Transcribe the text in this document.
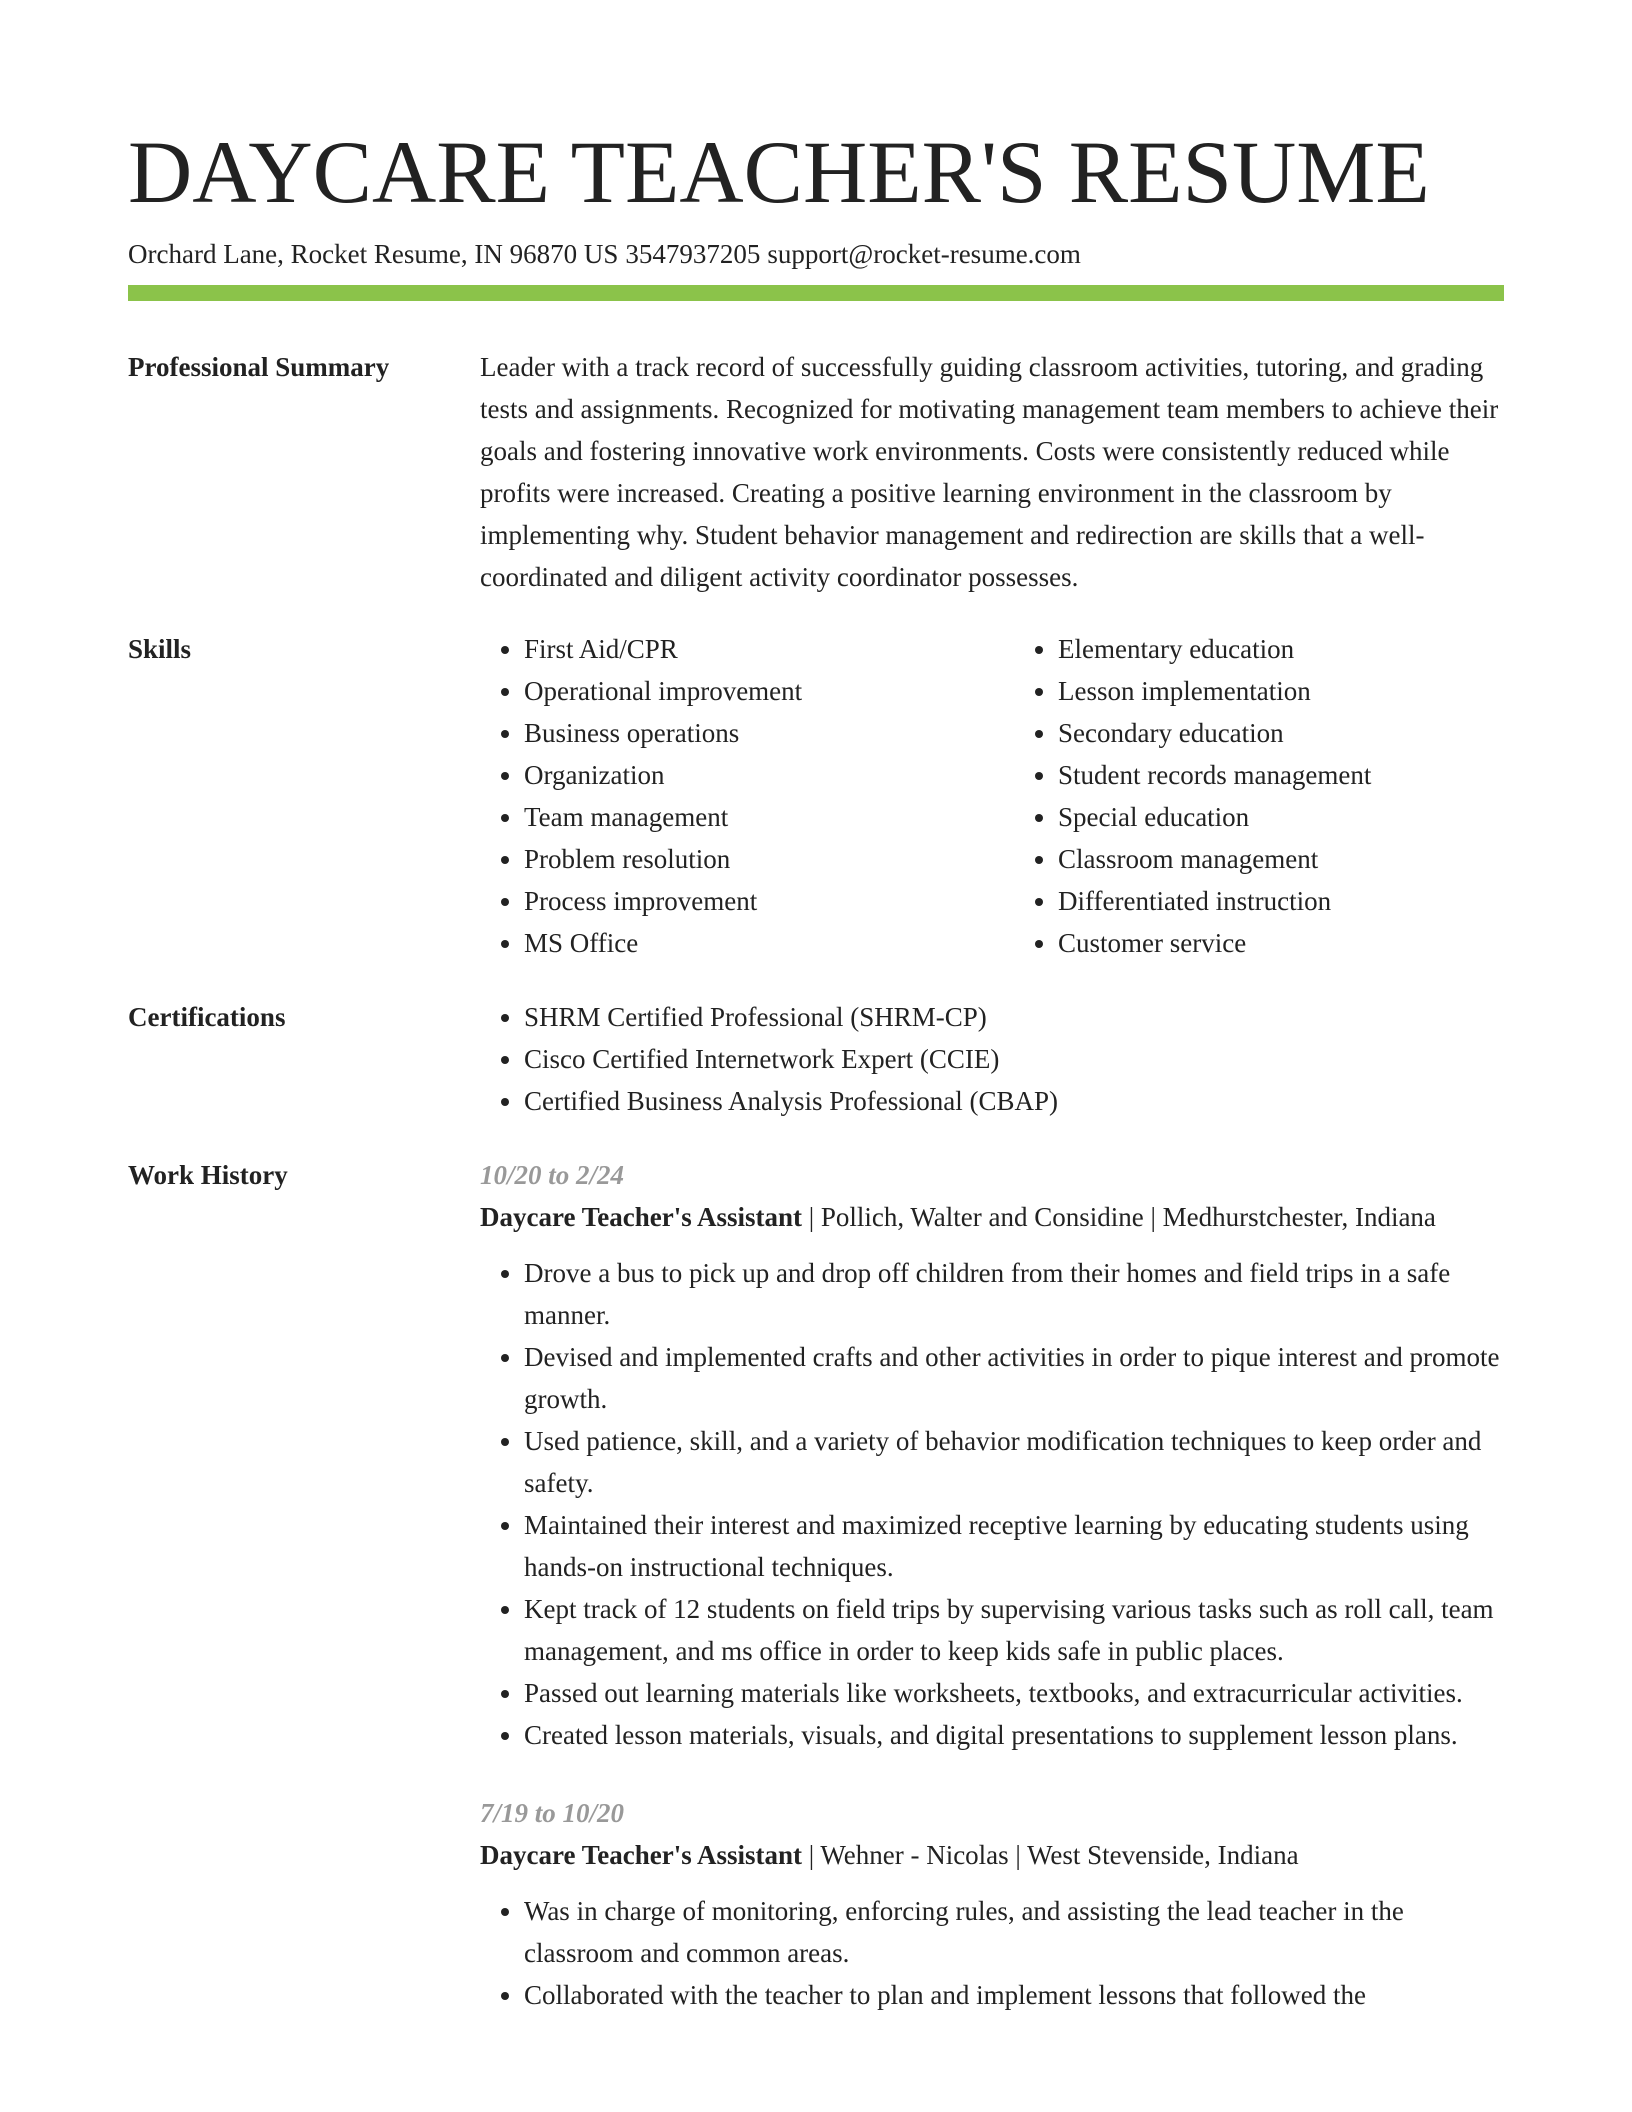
DAYCARE TEACHER'S RESUME
Orchard Lane, Rocket Resume, IN 96870 US 3547937205 support@rocket-resume.com
Professional Summary	Leader with a track record of successfully guiding classroom activities, tutoring, and grading tests and assignments. Recognized for motivating management team members to achieve their goals and fostering innovative work environments. Costs were consistently reduced while profits were increased. Creating a positive learning environment in the classroom by implementing why. Student behavior management and redirection are skills that a well-coordinated and diligent activity coordinator possesses.

Skills	• First Aid/CPR
• Operational improvement
• Business operations
• Organization
• Team management
• Problem resolution
• Process improvement
• MS Office
• Elementary education
• Lesson implementation
• Secondary education
• Student records management
• Special education
• Classroom management
• Differentiated instruction
• Customer service
Certifications	• SHRM Certified Professional (SHRM-CP)
• Cisco Certified Internetwork Expert (CCIE)
• Certified Business Analysis Professional (CBAP)
Work History	10/20 to 2/24
Daycare Teacher's Assistant | Pollich, Walter and Considine | Medhurstchester, Indiana
• Drove a bus to pick up and drop off children from their homes and field trips in a safe manner.
• Devised and implemented crafts and other activities in order to pique interest and promote growth.
• Used patience, skill, and a variety of behavior modification techniques to keep order and safety.
• Maintained their interest and maximized receptive learning by educating students using hands-on instructional techniques.
• Kept track of 12 students on field trips by supervising various tasks such as roll call, team management, and ms office in order to keep kids safe in public places.
• Passed out learning materials like worksheets, textbooks, and extracurricular activities.
• Created lesson materials, visuals, and digital presentations to supplement lesson plans.
7/19 to 10/20
Daycare Teacher's Assistant | Wehner - Nicolas | West Stevenside, Indiana
• Was in charge of monitoring, enforcing rules, and assisting the lead teacher in the classroom and common areas.
• Collaborated with the teacher to plan and implement lessons that followed the
